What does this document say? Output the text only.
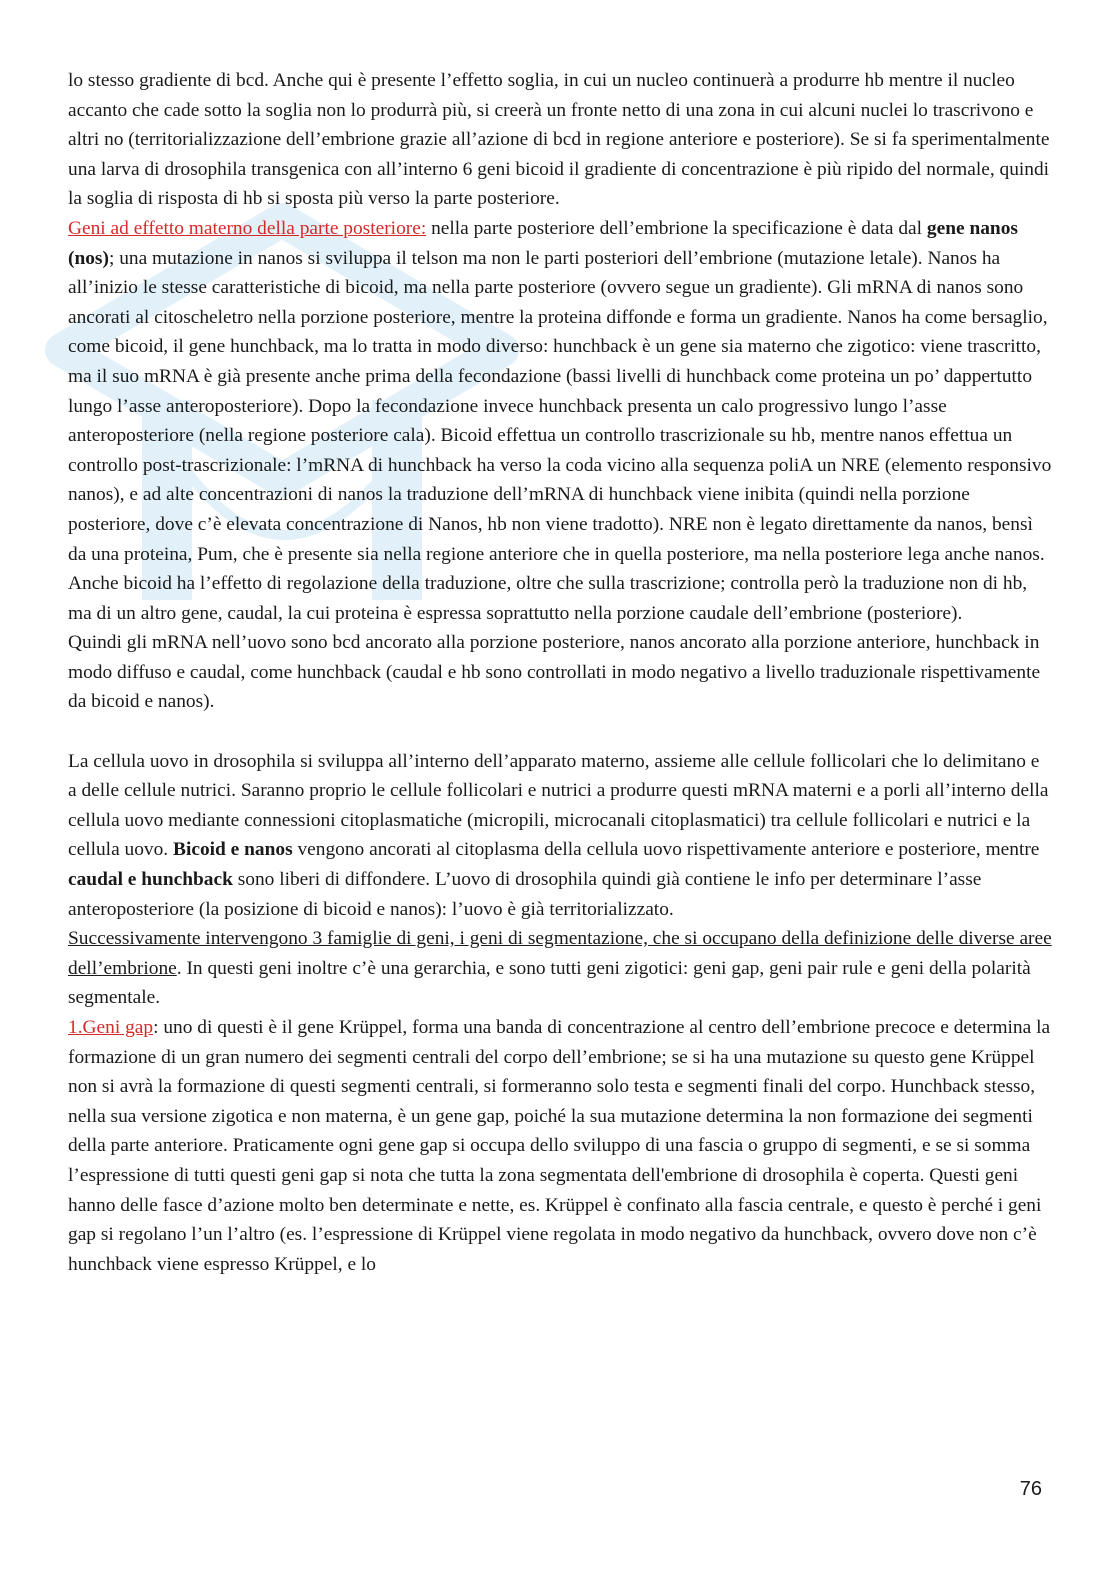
lo stesso gradiente di bcd. Anche qui è presente l’effetto soglia, in cui un nucleo continuerà a produrre hb mentre il nucleo accanto che cade sotto la soglia non lo produrrà più, si creerà un fronte netto di una zona in cui alcuni nuclei lo trascrivono e altri no (territorializzazione dell’embrione grazie all’azione di bcd in regione anteriore e posteriore). Se si fa sperimentalmente una larva di drosophila transgenica con all’interno 6 geni bicoid il gradiente di concentrazione è più ripido del normale, quindi la soglia di risposta di hb si sposta più verso la parte posteriore.

Geni ad effetto materno della parte posteriore: nella parte posteriore dell’embrione la specificazione è data dal gene nanos (nos); una mutazione in nanos si sviluppa il telson ma non le parti posteriori dell’embrione (mutazione letale). Nanos ha all’inizio le stesse caratteristiche di bicoid, ma nella parte posteriore (ovvero segue un gradiente). Gli mRNA di nanos sono ancorati al citoscheletro nella porzione posteriore, mentre la proteina diffonde e forma un gradiente. Nanos ha come bersaglio, come bicoid, il gene hunchback, ma lo tratta in modo diverso: hunchback è un gene sia materno che zigotico: viene trascritto, ma il suo mRNA è già presente anche prima della fecondazione (bassi livelli di hunchback come proteina un po’ dappertutto lungo l’asse anteroposteriore). Dopo la fecondazione invece hunchback presenta un calo progressivo lungo l’asse anteroposteriore (nella regione posteriore cala). Bicoid effettua un controllo trascrizionale su hb, mentre nanos effettua un controllo post-trascrizionale: l’mRNA di hunchback ha verso la coda vicino alla sequenza poliA un NRE (elemento responsivo nanos), e ad alte concentrazioni di nanos la traduzione dell’mRNA di hunchback viene inibita (quindi nella porzione posteriore, dove c’è elevata concentrazione di Nanos, hb non viene tradotto). NRE non è legato direttamente da nanos, bensì da una proteina, Pum, che è presente sia nella regione anteriore che in quella posteriore, ma nella posteriore lega anche nanos. Anche bicoid ha l’effetto di regolazione della traduzione, oltre che sulla trascrizione; controlla però la traduzione non di hb, ma di un altro gene, caudal, la cui proteina è espressa soprattutto nella porzione caudale dell’embrione (posteriore).

Quindi gli mRNA nell’uovo sono bcd ancorato alla porzione posteriore, nanos ancorato alla porzione anteriore, hunchback in modo diffuso e caudal, come hunchback (caudal e hb sono controllati in modo negativo a livello traduzionale rispettivamente da bicoid e nanos).

La cellula uovo in drosophila si sviluppa all’interno dell’apparato materno, assieme alle cellule follicolari che lo delimitano e a delle cellule nutrici. Saranno proprio le cellule follicolari e nutrici a produrre questi mRNA materni e a porli all’interno della cellula uovo mediante connessioni citoplasmatiche (micropili, microcanali citoplasmatici) tra cellule follicolari e nutrici e la cellula uovo. Bicoid e nanos vengono ancorati al citoplasma della cellula uovo rispettivamente anteriore e posteriore, mentre caudal e hunchback sono liberi di diffondere. L’uovo di drosophila quindi già contiene le info per determinare l’asse anteroposteriore (la posizione di bicoid e nanos): l’uovo è già territorializzato.

Successivamente intervengono 3 famiglie di geni, i geni di segmentazione, che si occupano della definizione delle diverse aree dell’embrione. In questi geni inoltre c’è una gerarchia, e sono tutti geni zigotici: geni gap, geni pair rule e geni della polarità segmentale.

1.Geni gap: uno di questi è il gene Krüppel, forma una banda di concentrazione al centro dell’embrione precoce e determina la formazione di un gran numero dei segmenti centrali del corpo dell’embrione; se si ha una mutazione su questo gene Krüppel non si avrà la formazione di questi segmenti centrali, si formeranno solo testa e segmenti finali del corpo. Hunchback stesso, nella sua versione zigotica e non materna, è un gene gap, poiché la sua mutazione determina la non formazione dei segmenti della parte anteriore. Praticamente ogni gene gap si occupa dello sviluppo di una fascia o gruppo di segmenti, e se si somma l’espressione di tutti questi geni gap si nota che tutta la zona segmentata dell'embrione di drosophila è coperta. Questi geni hanno delle fasce d’azione molto ben determinate e nette, es. Krüppel è confinato alla fascia centrale, e questo è perché i geni gap si regolano l’un l’altro (es. l’espressione di Krüppel viene regolata in modo negativo da hunchback, ovvero dove non c’è hunchback viene espresso Krüppel, e lo

76
